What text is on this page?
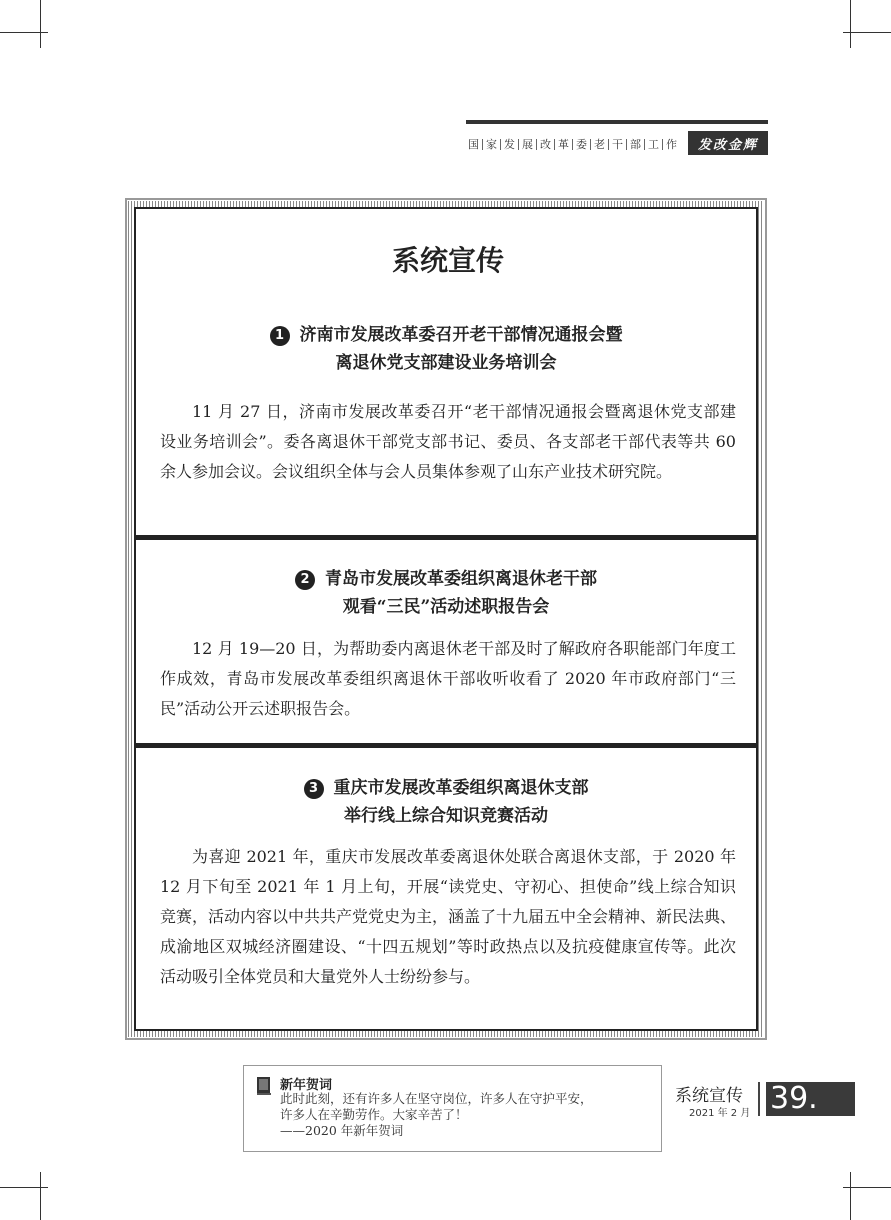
国 家 发 展 改 革 委 老 干 部 工 作	发改金辉
系统宣传
1 济南市发展改革委召开老干部情况通报会暨
离退休党支部建设业务培训会
11 月 27 日，济南市发展改革委召开“老干部情况通报会暨离退休党支部建设业务培训会”。委各离退休干部党支部书记、委员、各支部老干部代表等共 60 余人参加会议。会议组织全体与会人员集体参观了山东产业技术研究院。
2 青岛市发展改革委组织离退休老干部
观看“三民”活动述职报告会
12 月 19—20 日，为帮助委内离退休老干部及时了解政府各职能部门年度工作成效，青岛市发展改革委组织离退休干部收听收看了 2020 年市政府部门“三民”活动公开云述职报告会。
3 重庆市发展改革委组织离退休支部
举行线上综合知识竞赛活动
为喜迎 2021 年，重庆市发展改革委离退休处联合离退休支部，于 2020 年 12 月下旬至 2021 年 1 月上旬，开展“读党史、守初心、担使命”线上综合知识竞赛，活动内容以中共共产党党史为主，涵盖了十九届五中全会精神、新民法典、成渝地区双城经济圈建设、“十四五规划”等时政热点以及抗疫健康宣传等。此次活动吸引全体党员和大量党外人士纷纷参与。
新年贺词
此时此刻，还有许多人在坚守岗位，许多人在守护平安，
许多人在辛勤劳作。大家辛苦了！
——2020 年新年贺词
系统宣传
2021 年 2 月 39.
